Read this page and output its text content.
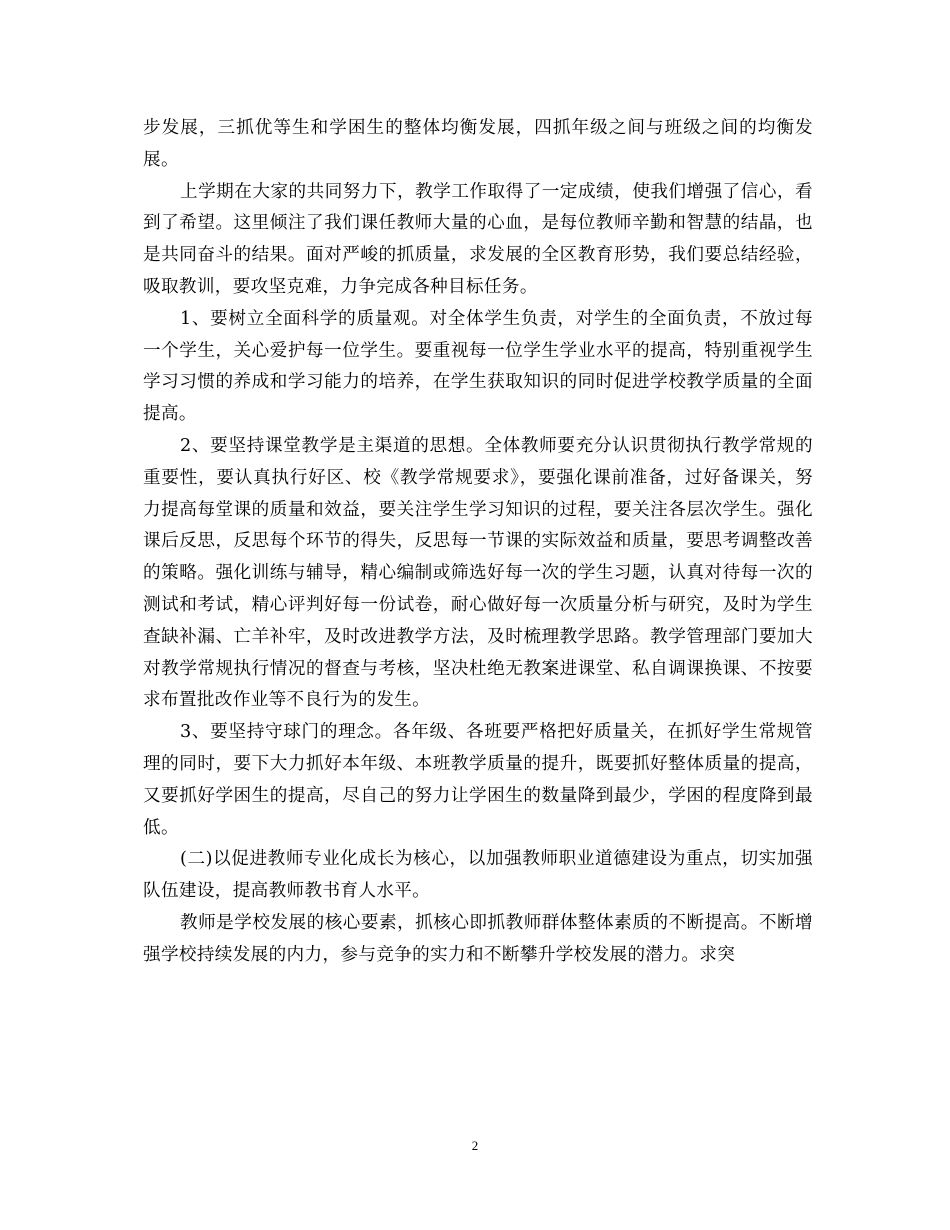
步发展，三抓优等生和学困生的整体均衡发展，四抓年级之间与班级之间的均衡发展。

上学期在大家的共同努力下，教学工作取得了一定成绩，使我们增强了信心，看到了希望。这里倾注了我们课任教师大量的心血，是每位教师辛勤和智慧的结晶，也是共同奋斗的结果。面对严峻的抓质量，求发展的全区教育形势，我们要总结经验，吸取教训，要攻坚克难，力争完成各种目标任务。

1、要树立全面科学的质量观。对全体学生负责，对学生的全面负责，不放过每一个学生，关心爱护每一位学生。要重视每一位学生学业水平的提高，特别重视学生学习习惯的养成和学习能力的培养，在学生获取知识的同时促进学校教学质量的全面提高。

2、要坚持课堂教学是主渠道的思想。全体教师要充分认识贯彻执行教学常规的重要性，要认真执行好区、校《教学常规要求》，要强化课前准备，过好备课关，努力提高每堂课的质量和效益，要关注学生学习知识的过程，要关注各层次学生。强化课后反思，反思每个环节的得失，反思每一节课的实际效益和质量，要思考调整改善的策略。强化训练与辅导，精心编制或筛选好每一次的学生习题，认真对待每一次的测试和考试，精心评判好每一份试卷，耐心做好每一次质量分析与研究，及时为学生查缺补漏、亡羊补牢，及时改进教学方法，及时梳理教学思路。教学管理部门要加大对教学常规执行情况的督查与考核，坚决杜绝无教案进课堂、私自调课换课、不按要求布置批改作业等不良行为的发生。

3、要坚持守球门的理念。各年级、各班要严格把好质量关，在抓好学生常规管理的同时，要下大力抓好本年级、本班教学质量的提升，既要抓好整体质量的提高，又要抓好学困生的提高，尽自己的努力让学困生的数量降到最少，学困的程度降到最低。

(二)以促进教师专业化成长为核心，以加强教师职业道德建设为重点，切实加强队伍建设，提高教师教书育人水平。

教师是学校发展的核心要素，抓核心即抓教师群体整体素质的不断提高。不断增强学校持续发展的内力，参与竞争的实力和不断攀升学校发展的潜力。求突

2
